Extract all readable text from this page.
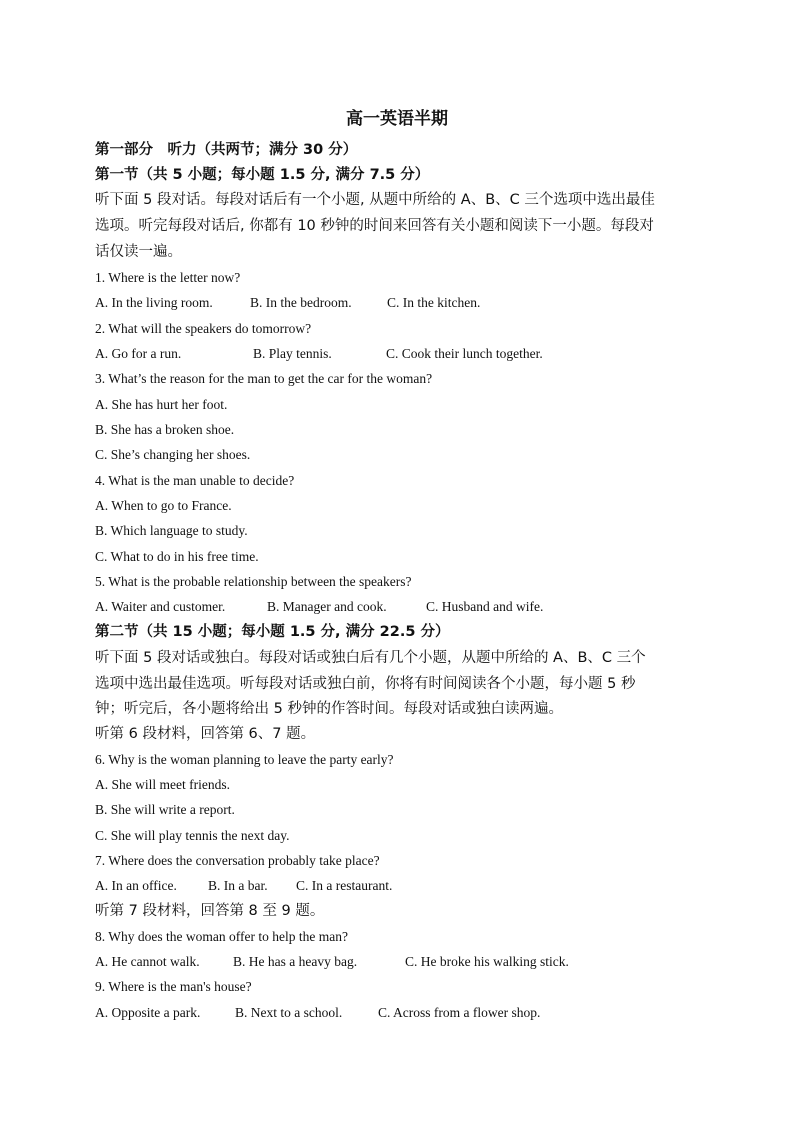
高一英语半期
第一部分　听力（共两节；满分 30 分）
第一节（共 5 小题；每小题 1.5 分, 满分 7.5 分）
听下面 5 段对话。每段对话后有一个小题, 从题中所给的 A、B、C 三个选项中选出最佳
选项。听完每段对话后, 你都有 10 秒钟的时间来回答有关小题和阅读下一小题。每段对
话仅读一遍。
1. Where is the letter now?
A. In the living room.	B. In the bedroom.	C. In the kitchen.
2. What will the speakers do tomorrow?
A. Go for a run.	B. Play tennis.	C. Cook their lunch together.
3. What’s the reason for the man to get the car for the woman?
A. She has hurt her foot.
B. She has a broken shoe.
C. She’s changing her shoes.
4. What is the man unable to decide?
A. When to go to France.
B. Which language to study.
C. What to do in his free time.
5. What is the probable relationship between the speakers?
A. Waiter and customer.	B. Manager and cook.	C. Husband and wife.
第二节（共 15 小题；每小题 1.5 分, 满分 22.5 分）
听下面 5 段对话或独白。每段对话或独白后有几个小题，从题中所给的 A、B、C 三个
选项中选出最佳选项。听每段对话或独白前，你将有时间阅读各个小题，每小题 5 秒
钟；听完后，各小题将给出 5 秒钟的作答时间。每段对话或独白读两遍。
听第 6 段材料，回答第 6、7 题。
6. Why is the woman planning to leave the party early?
A. She will meet friends.
B. She will write a report.
C. She will play tennis the next day.
7. Where does the conversation probably take place?
A. In an office. B. In a bar. C. In a restaurant.
听第 7 段材料，回答第 8 至 9 题。
8. Why does the woman offer to help the man?
A. He cannot walk. B. He has a heavy bag.	C. He broke his walking stick.
9. Where is the man's house?
A. Opposite a park.	B. Next to a school.	C. Across from a flower shop.
